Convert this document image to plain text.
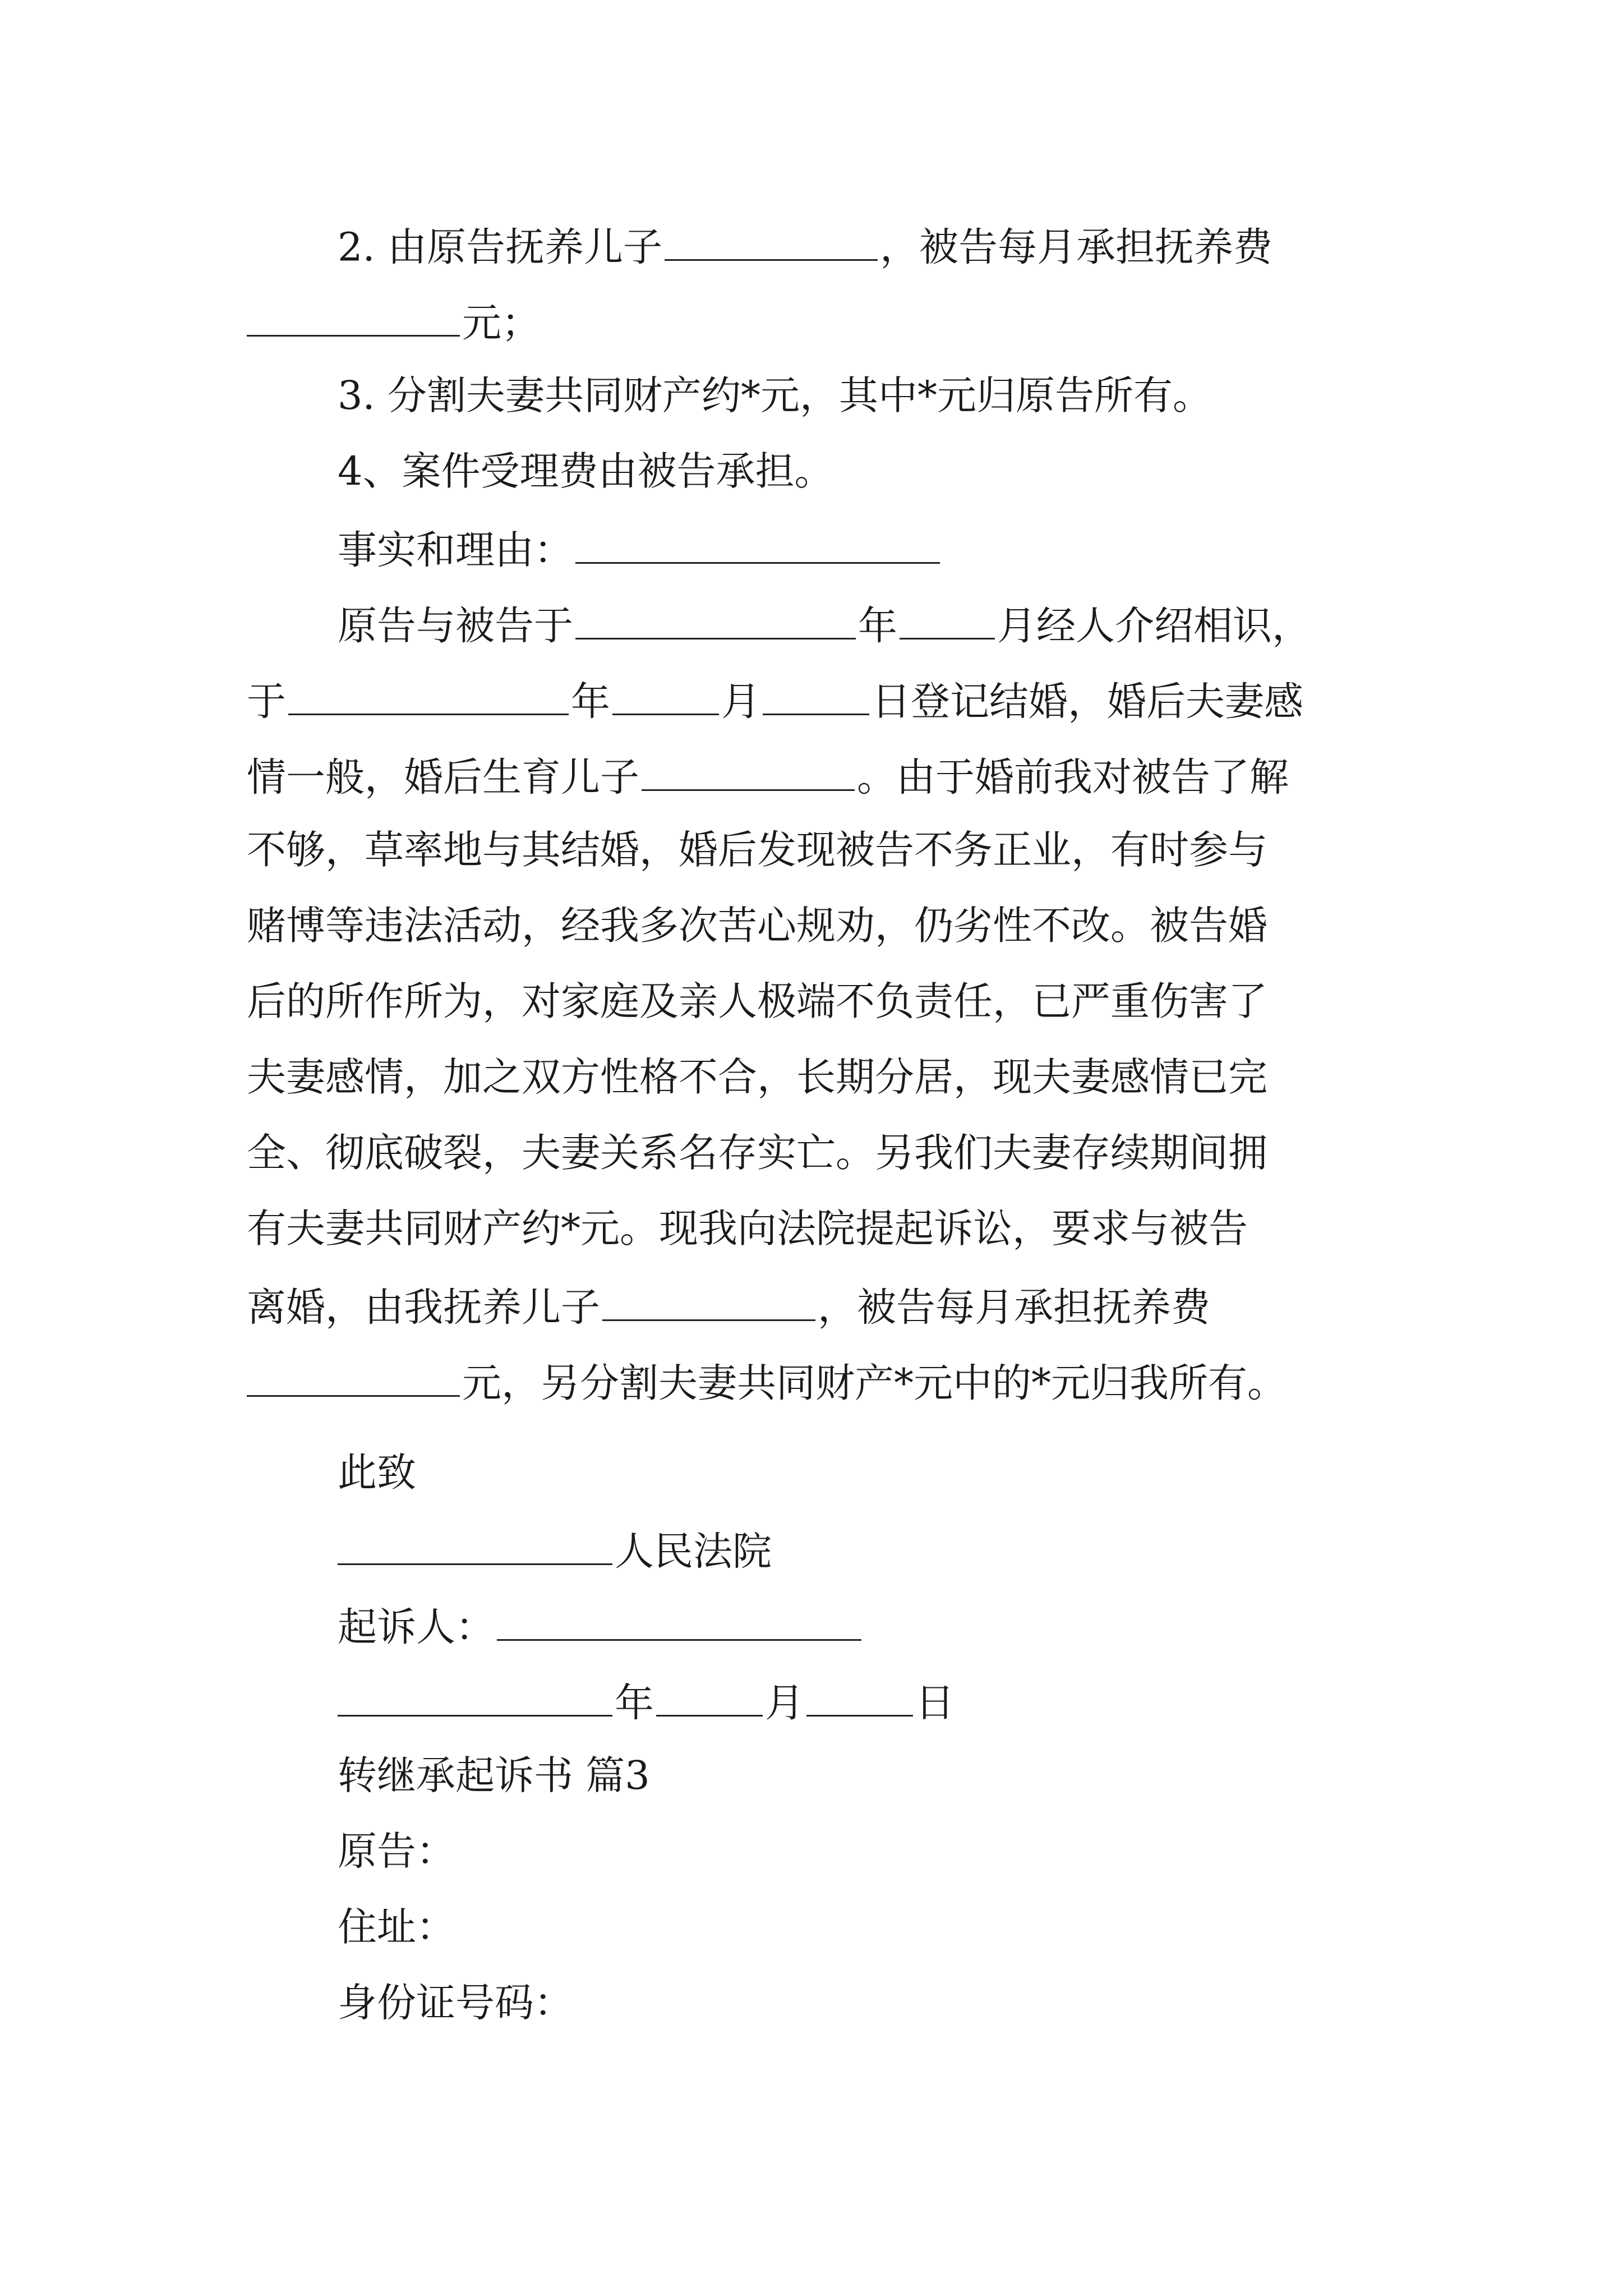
2. 由原告抚养儿子	，被告每月承担抚养费
元；
3. 分割夫妻共同财产约*元，其中*元归原告所有。
4、案件受理费由被告承担。
事实和理由：
原告与被告于	年	月经人介绍相识，
于	年	月	日登记结婚，婚后夫妻感
情一般，婚后生育儿子	。由于婚前我对被告了解
不够，草率地与其结婚，婚后发现被告不务正业，有时参与
赌博等违法活动，经我多次苦心规劝，仍劣性不改。被告婚
后的所作所为，对家庭及亲人极端不负责任，已严重伤害了
夫妻感情，加之双方性格不合，长期分居，现夫妻感情已完
全、彻底破裂，夫妻关系名存实亡。另我们夫妻存续期间拥
有夫妻共同财产约*元。现我向法院提起诉讼，要求与被告
离婚，由我抚养儿子	，被告每月承担抚养费
元，另分割夫妻共同财产*元中的*元归我所有。
此致
人民法院
起诉人：
年	月	日
转继承起诉书 篇3
原告：
住址：
身份证号码：
